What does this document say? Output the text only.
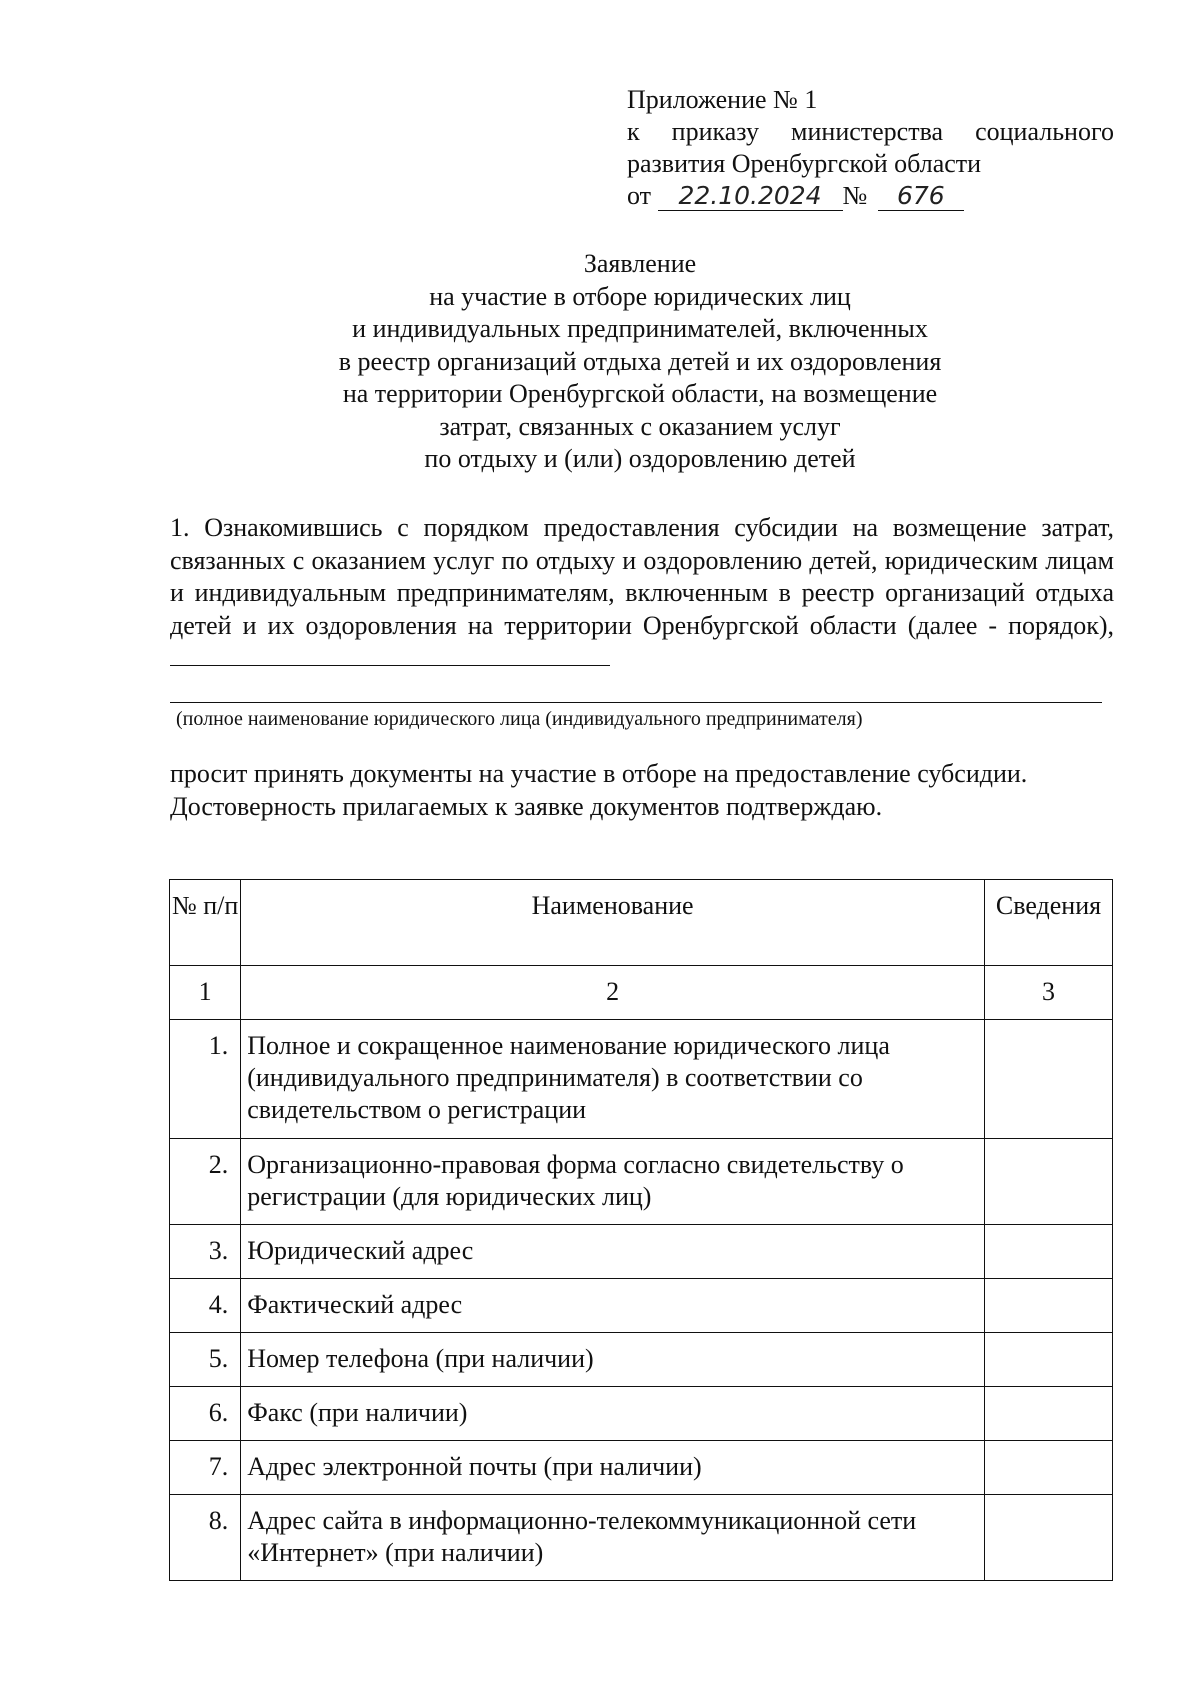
Приложение № 1
к приказу министерства социального
развития Оренбургской области
от 22.10.2024 № 676
Заявление
на участие в отборе юридических лиц
и индивидуальных предпринимателей, включенных
в реестр организаций отдыха детей и их оздоровления
на территории Оренбургской области, на возмещение
затрат, связанных с оказанием услуг
по отдыху и (или) оздоровлению детей
1. Ознакомившись с порядком предоставления субсидии на возмещение затрат, связанных с оказанием услуг по отдыху и оздоровлению детей, юридическим лицам и индивидуальным предпринимателям, включенным в реестр организаций отдыха детей и их оздоровления на территории Оренбургской области (далее - порядок),
(полное наименование юридического лица (индивидуального предпринимателя)
просит принять документы на участие в отборе на предоставление субсидии.
Достоверность прилагаемых к заявке документов подтверждаю.
№ п/п	Наименование	Сведения
1	2	3
1.	Полное и сокращенное наименование юридического лица (индивидуального предпринимателя) в соответствии со свидетельством о регистрации	
2.	Организационно-правовая форма согласно свидетельству о регистрации (для юридических лиц)	
3.	Юридический адрес	
4.	Фактический адрес	
5.	Номер телефона (при наличии)	
6.	Факс (при наличии)	
7.	Адрес электронной почты (при наличии)	
8.	Адрес сайта в информационно-телекоммуникационной сети «Интернет» (при наличии)	
